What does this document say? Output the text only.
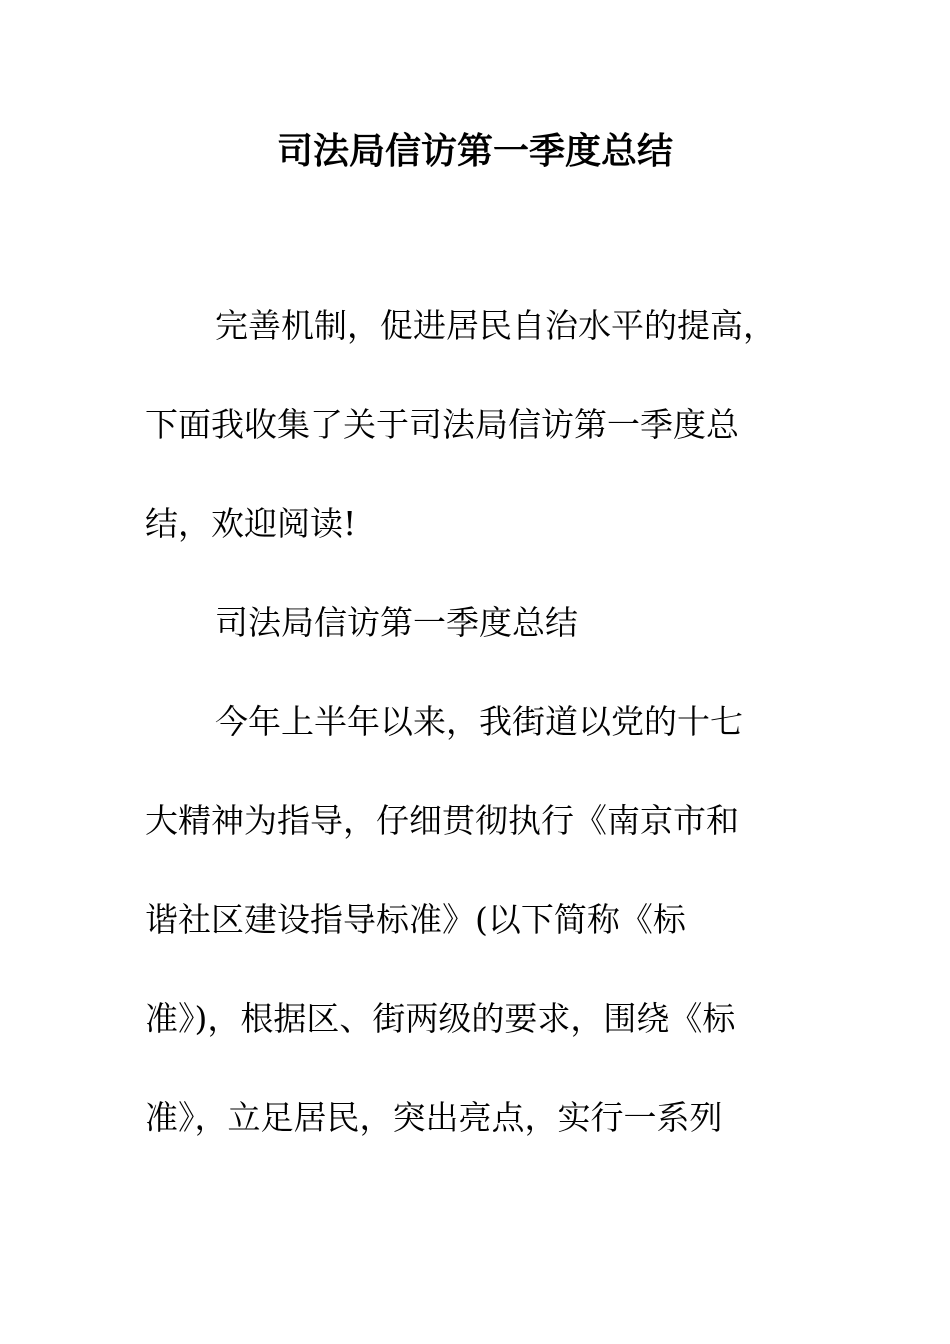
司法局信访第一季度总结
完善机制，促进居民自治水平的提高，
下面我收集了关于司法局信访第一季度总
结，欢迎阅读!
司法局信访第一季度总结
今年上半年以来，我街道以党的十七
大精神为指导，仔细贯彻执行《南京市和
谐社区建设指导标准》(以下简称《标
准》)，根据区、街两级的要求，围绕《标
准》，立足居民，突出亮点，实行一系列
